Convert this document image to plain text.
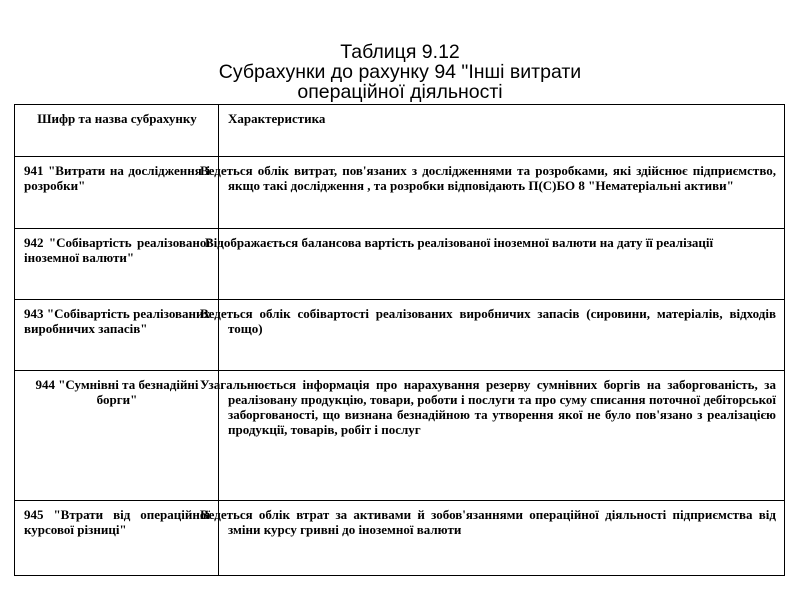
Таблиця 9.12
Субрахунки до рахунку 94 "Інші витрати
операційної діяльності
Шифр та назва субрахунку	Характеристика
941 "Витрати на дослідження і розробки"	Ведеться облік витрат, пов'язаних з дослідженнями та розробками, які здійснює підприємство, якщо такі дослідження , та розробки відповідають П(С)БО 8 "Нематеріальні активи"
942 "Собівартість реалізованої іноземної валюти"	Відображається балансова вартість реалізованої іноземної валюти на дату її реалізації
943 "Собівартість реалізованих виробничих запасів"	Ведеться облік собівартості реалізованих виробничих запасів (сировини, матеріалів, відходів тощо)
944 "Сумнівні та безнадійні борги"	Узагальнюється інформація про нарахування резерву сумнівних боргів на заборгованість, за реалізовану продукцію, товари, роботи і послуги та про суму списання поточної дебіторської заборгованості, що визнана безнадійною та утворення якої не було пов'язано з реалізацією продукції, товарів, робіт і послуг
945 "Втрати від операційної курсової різниці"	Ведеться облік втрат за активами й зобов'язаннями операційної діяльності підприємства від зміни курсу гривні до іноземної валюти
